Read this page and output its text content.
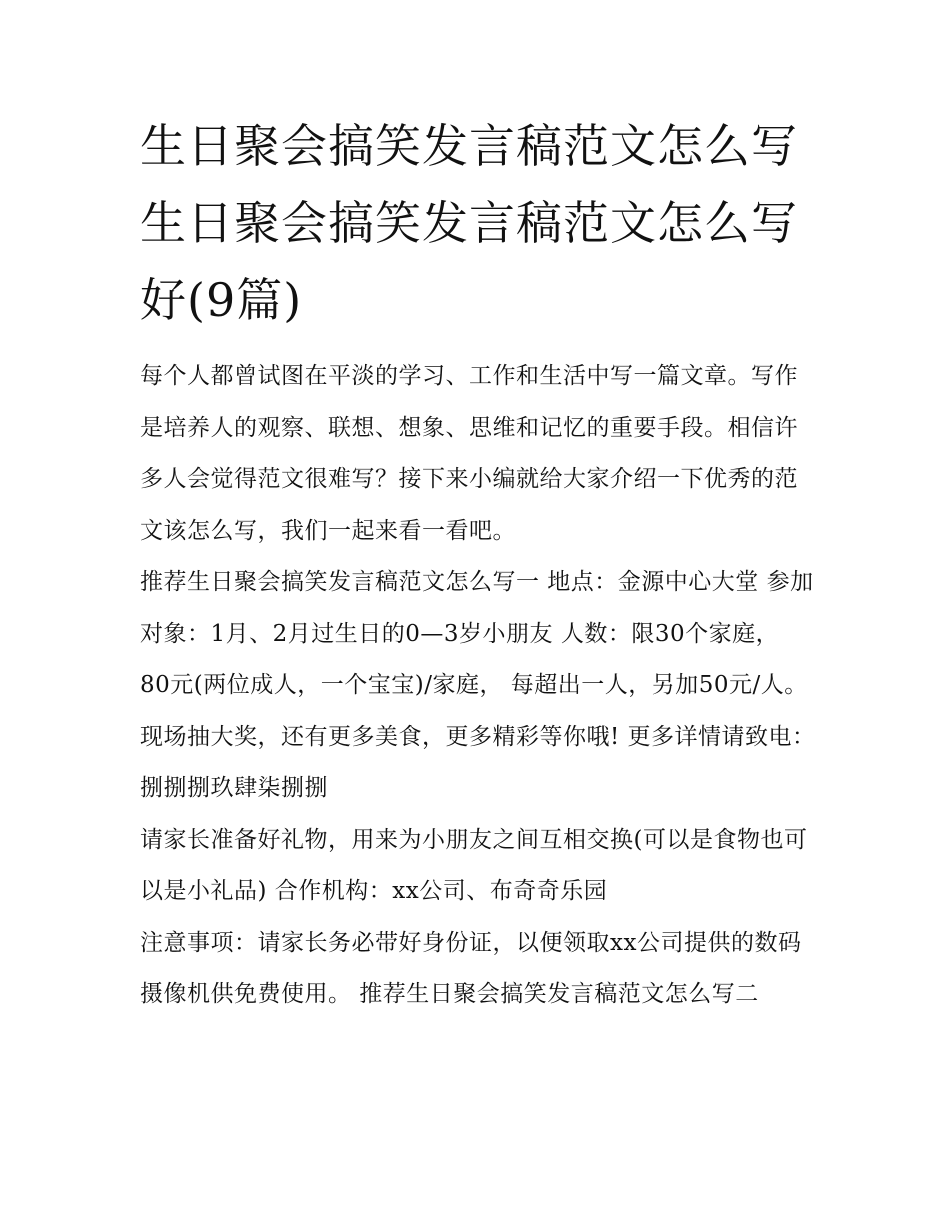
生日聚会搞笑发言稿范文怎么写 生日聚会搞笑发言稿范文怎么写好(9篇)

每个人都曾试图在平淡的学习、工作和生活中写一篇文章。写作是培养人的观察、联想、想象、思维和记忆的重要手段。相信许多人会觉得范文很难写？接下来小编就给大家介绍一下优秀的范文该怎么写，我们一起来看一看吧。

推荐生日聚会搞笑发言稿范文怎么写一 地点：金源中心大堂 参加对象：1月、2月过生日的0—3岁小朋友 人数：限30个家庭，

80元(两位成人，一个宝宝)/家庭， 每超出一人，另加50元/人。 现场抽大奖，还有更多美食，更多精彩等你哦! 更多详情请致电：捌捌捌玖肆柒捌捌

请家长准备好礼物，用来为小朋友之间互相交换(可以是食物也可以是小礼品) 合作机构：xx公司、布奇奇乐园

注意事项：请家长务必带好身份证，以便领取xx公司提供的数码摄像机供免费使用。 推荐生日聚会搞笑发言稿范文怎么写二
